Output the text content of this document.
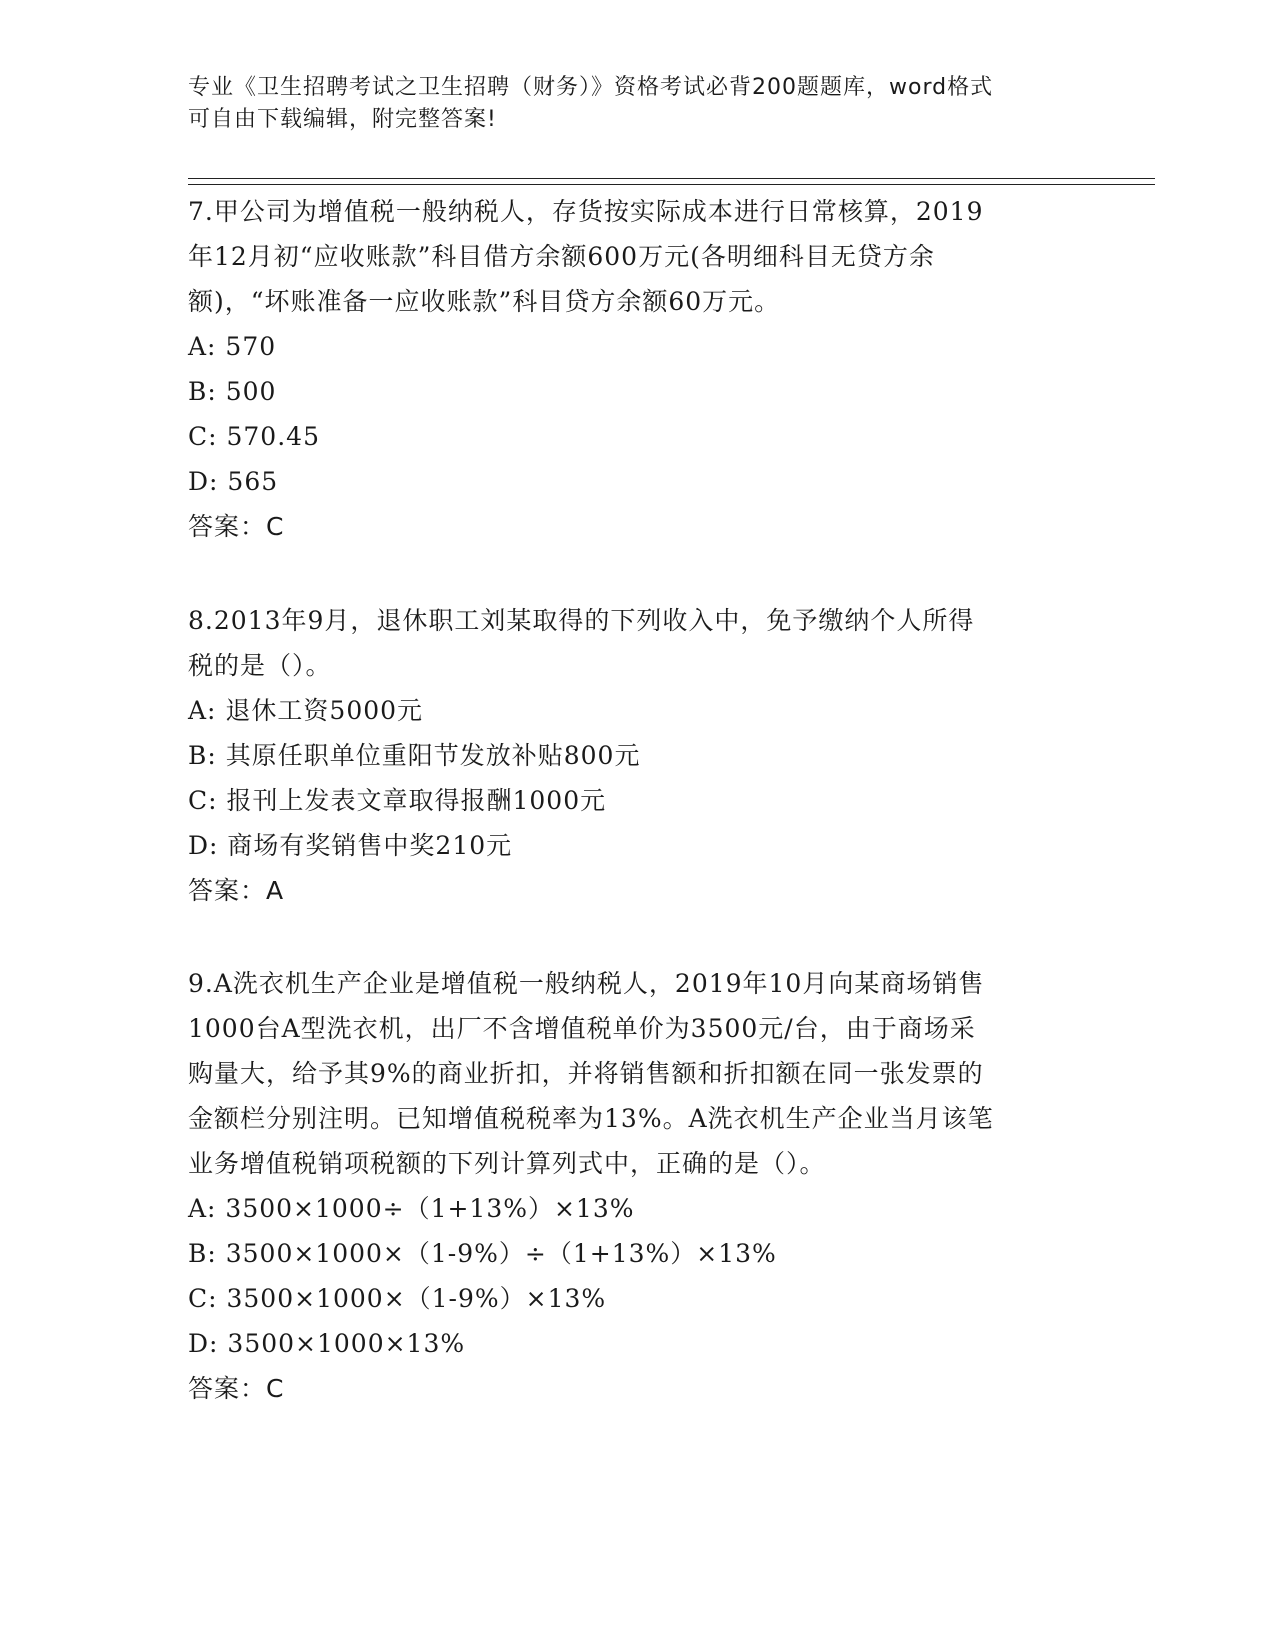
专业《卫生招聘考试之卫生招聘（财务）》资格考试必背200题题库，word格式
可自由下载编辑，附完整答案!
7.甲公司为增值税一般纳税人，存货按实际成本进行日常核算，2019
年12月初“应收账款”科目借方余额600万元(各明细科目无贷方余
额)，“坏账准备一应收账款”科目贷方余额60万元。
A: 570
B: 500
C: 570.45
D: 565
答案：C
8.2013年9月，退休职工刘某取得的下列收入中，免予缴纳个人所得
税的是（）。
A: 退休工资5000元
B: 其原任职单位重阳节发放补贴800元
C: 报刊上发表文章取得报酬1000元
D: 商场有奖销售中奖210元
答案：A
9.A洗衣机生产企业是增值税一般纳税人，2019年10月向某商场销售
1000台A型洗衣机，出厂不含增值税单价为3500元/台，由于商场采
购量大，给予其9%的商业折扣，并将销售额和折扣额在同一张发票的
金额栏分别注明。已知增值税税率为13%。A洗衣机生产企业当月该笔
业务增值税销项税额的下列计算列式中，正确的是（）。
A: 3500×1000÷（1+13%）×13%
B: 3500×1000×（1-9%）÷（1+13%）×13%
C: 3500×1000×（1-9%）×13%
D: 3500×1000×13%
答案：C
